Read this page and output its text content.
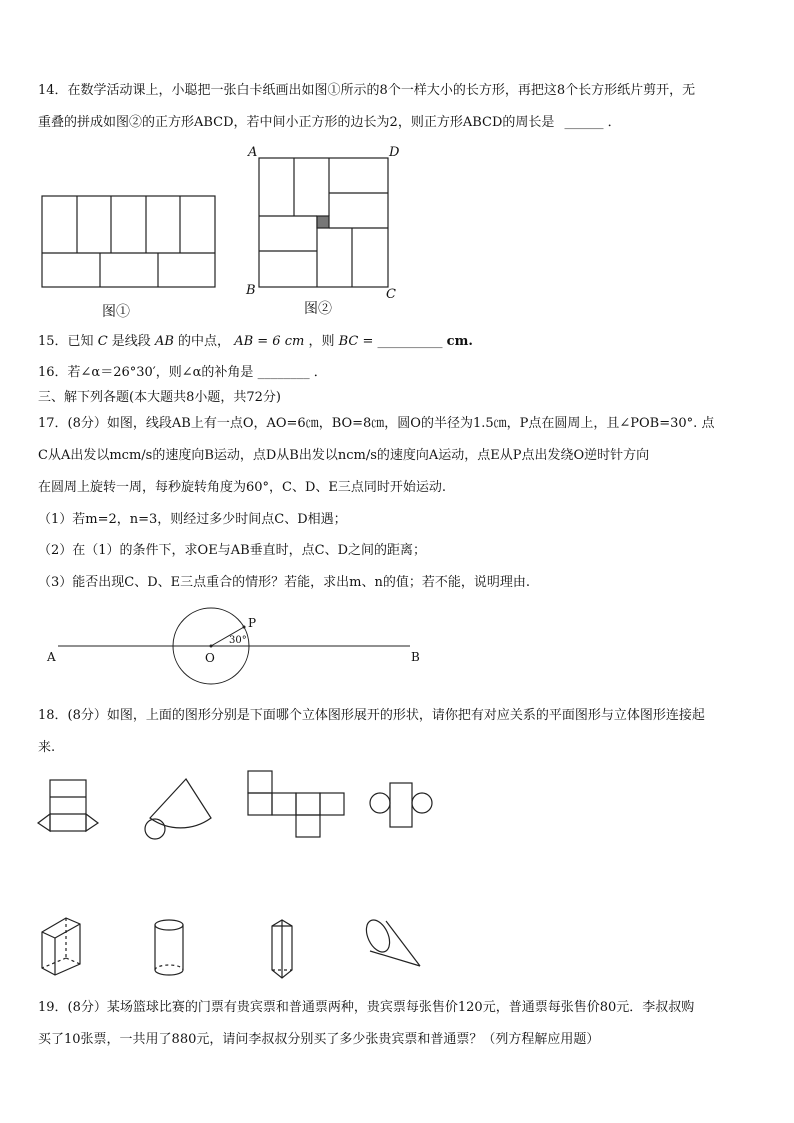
14．在数学活动课上，小聪把一张白卡纸画出如图①所示的8个一样大小的长方形，再把这8个长方形纸片剪开，无
重叠的拼成如图②的正方形ABCD，若中间小正方形的边长为2，则正方形ABCD的周长是 ______ ．
A	D
B	C
A	B
O
P
30°
图①	图②
15．已知 C 是线段 AB 的中点， AB = 6 cm ，则 BC = __________ cm.
16．若∠α＝26°30′，则∠α的补角是 ________ ．
三、解下列各题(本大题共8小题，共72分)
17．(8分）如图，线段AB上有一点O，AO=6㎝，BO=8㎝，圆O的半径为1.5㎝，P点在圆周上，且∠POB=30°. 点
C从A出发以mcm/s的速度向B运动，点D从B出发以ncm/s的速度向A运动，点E从P点出发绕O逆时针方向
在圆周上旋转一周，每秒旋转角度为60°，C、D、E三点同时开始运动.
（1）若m=2，n=3，则经过多少时间点C、D相遇；
（2）在（1）的条件下，求OE与AB垂直时，点C、D之间的距离；
（3）能否出现C、D、E三点重合的情形？若能，求出m、n的值；若不能，说明理由.
18．(8分）如图，上面的图形分别是下面哪个立体图形展开的形状，请你把有对应关系的平面图形与立体图形连接起
来.
19．(8分）某场篮球比赛的门票有贵宾票和普通票两种，贵宾票每张售价120元，普通票每张售价80元．李叔叔购
买了10张票，一共用了880元，请问李叔叔分别买了多少张贵宾票和普通票？（列方程解应用题）
